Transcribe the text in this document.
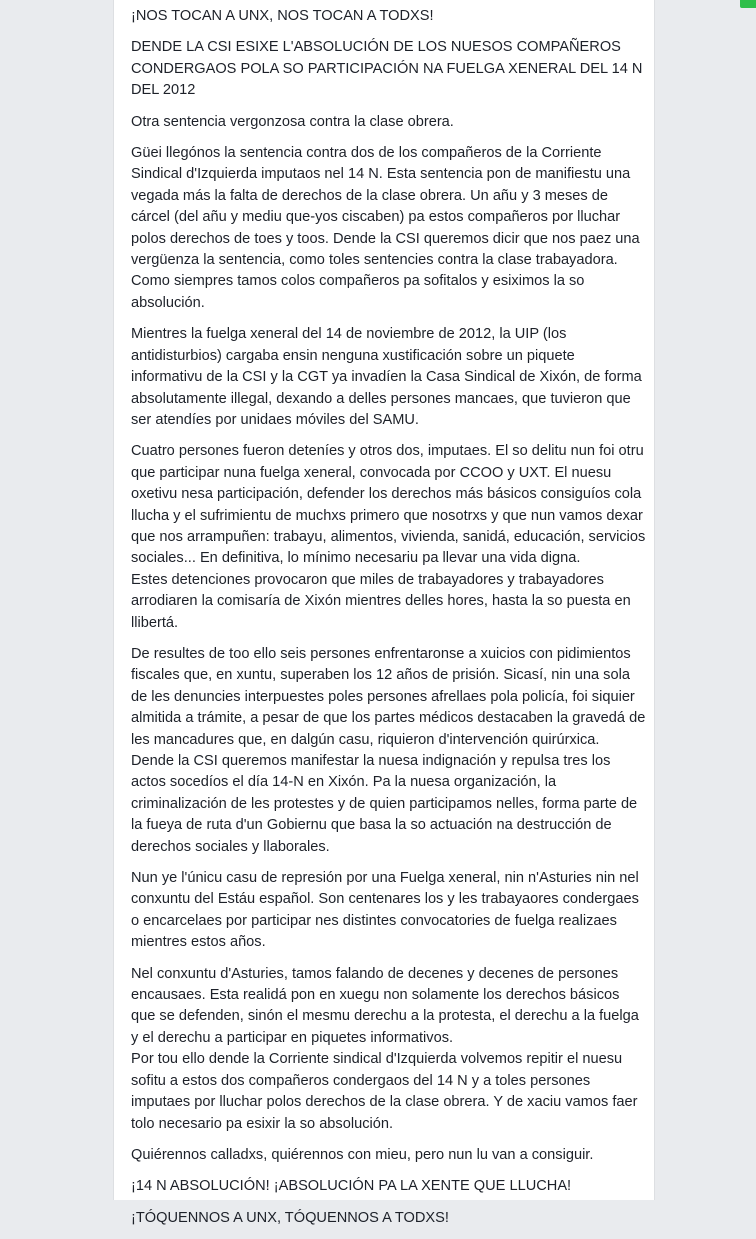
¡NOS TOCAN A UNX, NOS TOCAN A TODXS!

DENDE LA CSI ESIXE L'ABSOLUCIÓN DE LOS NUESOS COMPAÑEROS CONDERGAOS POLA SO PARTICIPACIÓN NA FUELGA XENERAL DEL 14 N DEL 2012

Otra sentencia vergonzosa contra la clase obrera.

Güei llegónos la sentencia contra dos de los compañeros de la Corriente Sindical d'Izquierda imputaos nel 14 N. Esta sentencia pon de manifiestu una vegada más la falta de derechos de la clase obrera. Un añu y 3 meses de cárcel (del añu y mediu que-yos ciscaben) pa estos compañeros por lluchar polos derechos de toes y toos. Dende la CSI queremos dicir que nos paez una vergüenza la sentencia, como toles sentencies contra la clase trabayadora. Como siempres tamos colos compañeros pa sofitalos y esiximos la so absolución.

Mientres la fuelga xeneral del 14 de noviembre de 2012, la UIP (los antidisturbios) cargaba ensin nenguna xustificación sobre un piquete informativu de la CSI y la CGT ya invadíen la Casa Sindical de Xixón, de forma absolutamente illegal, dexando a delles persones mancaes, que tuvieron que ser atendíes por unidaes móviles del SAMU.

Cuatro persones fueron deteníes y otros dos, imputaes. El so delitu nun foi otru que participar nuna fuelga xeneral, convocada por CCOO y UXT. El nuesu oxetivu nesa participación, defender los derechos más básicos consiguíos cola llucha y el sufrimientu de muchxs primero que nosotrxs y que nun vamos dexar que nos arrampuñen: trabayu, alimentos, vivienda, sanidá, educación, servicios sociales... En definitiva, lo mínimo necesariu pa llevar una vida digna.
Estes detenciones provocaron que miles de trabayadores y trabayadores arrodiaren la comisaría de Xixón mientres delles hores, hasta la so puesta en llibertá.

De resultes de too ello seis persones enfrentaronse a xuicios con pidimientos fiscales que, en xuntu, superaben los 12 años de prisión. Sicasí, nin una sola de les denuncies interpuestes poles persones afrellaes pola policía, foi siquier almitida a trámite, a pesar de que los partes médicos destacaben la gravedá de les mancadures que, en dalgún casu, riquieron d'intervención quirúrxica. Dende la CSI queremos manifestar la nuesa indignación y repulsa tres los actos socedíos el día 14-N en Xixón. Pa la nuesa organización, la criminalización de les protestes y de quien participamos nelles, forma parte de la fueya de ruta d'un Gobiernu que basa la so actuación na destrucción de derechos sociales y llaborales.

Nun ye l'únicu casu de represión por una Fuelga xeneral, nin n'Asturies nin nel conxuntu del Estáu español. Son centenares los y les trabayaores condergaes o encarcelaes por participar nes distintes convocatories de fuelga realizaes mientres estos años.

Nel conxuntu d'Asturies, tamos falando de decenes y decenes de persones encausaes. Esta realidá pon en xuegu non solamente los derechos básicos que se defenden, sinón el mesmu derechu a la protesta, el derechu a la fuelga y el derechu a participar en piquetes informativos.
Por tou ello dende la Corriente sindical d'Izquierda volvemos repitir el nuesu sofitu a estos dos compañeros condergaos del 14 N y a toles persones imputaes por lluchar polos derechos de la clase obrera. Y de xaciu vamos faer tolo necesario pa esixir la so absolución.

Quiérennos calladxs, quiérennos con mieu, pero nun lu van a consiguir.

¡14 N ABSOLUCIÓN! ¡ABSOLUCIÓN PA LA XENTE QUE LLUCHA!

¡TÓQUENNOS A UNX, TÓQUENNOS A TODXS!
